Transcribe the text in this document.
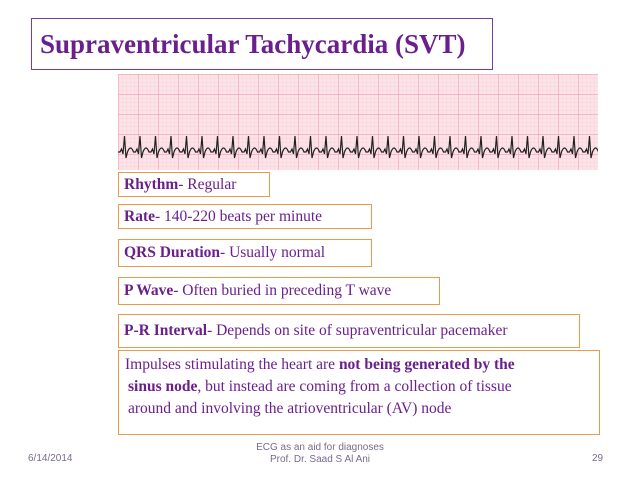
Supraventricular Tachycardia (SVT)
Rhythm - Regular
Rate - 140-220 beats per minute
QRS Duration - Usually normal
P Wave - Often buried in preceding T wave
P-R Interval - Depends on site of supraventricular pacemaker
Impulses stimulating the heart are not being generated by the
sinus node, but instead are coming from a collection of tissue
around and involving the atrioventricular (AV) node
6/14/2014
ECG as an aid for diagnoses
Prof. Dr. Saad S Al Ani	29
